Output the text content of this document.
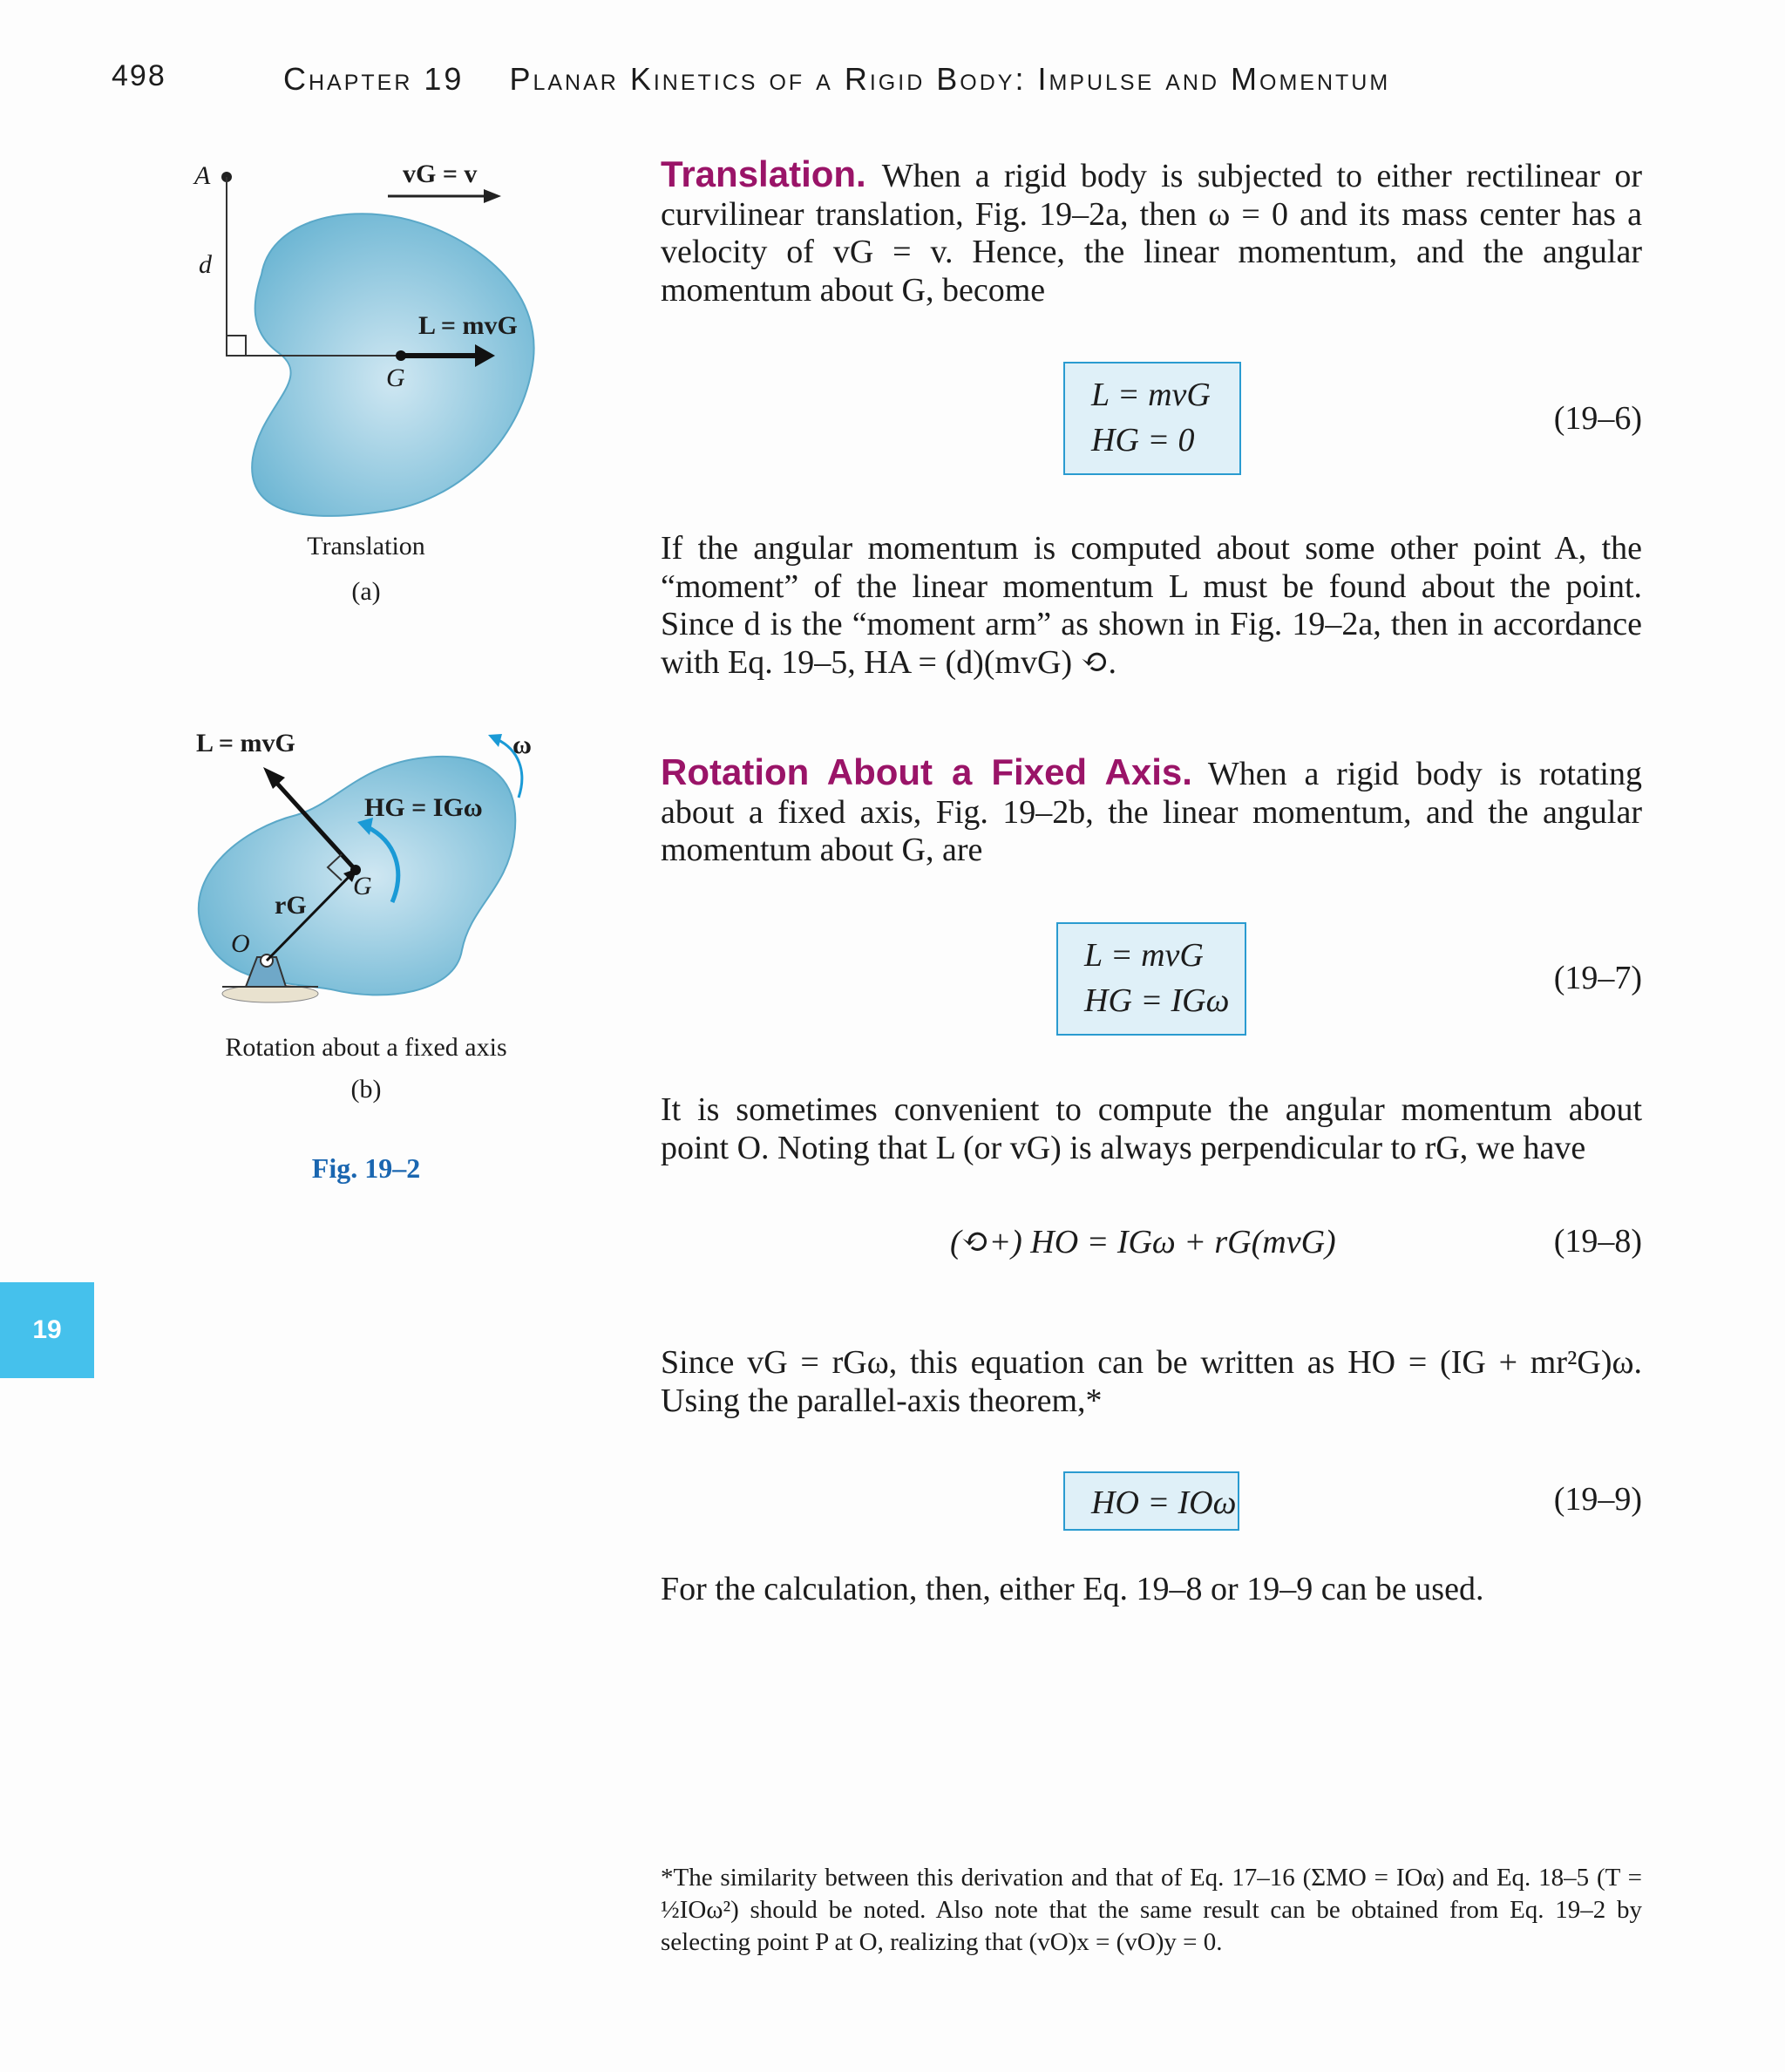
498	Chapter 19    Planar Kinetics of a Rigid Body: Impulse and Momentum
19
A
d
vG = v
L = mvG
G
Translation
(a)
L = mvG
HG = IGω
ω
G
rG
O
Rotation about a fixed axis
(b)
Fig. 19–2
Translation. When a rigid body is subjected to either rectilinear or curvilinear translation, Fig. 19–2a, then ω = 0 and its mass center has a velocity of vG = v. Hence, the linear momentum, and the angular momentum about G, become
L = mvG
HG = 0
(19–6)
If the angular momentum is computed about some other point A, the “moment” of the linear momentum L must be found about the point. Since d is the “moment arm” as shown in Fig. 19–2a, then in accordance with Eq. 19–5, HA = (d)(mvG) ⟲.
Rotation About a Fixed Axis. When a rigid body is rotating about a fixed axis, Fig. 19–2b, the linear momentum, and the angular momentum about G, are
L = mvG
HG = IGω
(19–7)
It is sometimes convenient to compute the angular momentum about point O. Noting that L (or vG) is always perpendicular to rG, we have
(⟲+) HO = IGω + rG(mvG)	(19–8)
Since vG = rGω, this equation can be written as HO = (IG + mr²G)ω. Using the parallel-axis theorem,*
HO = IOω	(19–9)
For the calculation, then, either Eq. 19–8 or 19–9 can be used.
*The similarity between this derivation and that of Eq. 17–16 (ΣMO = IOα) and Eq. 18–5 (T = ½IOω²) should be noted. Also note that the same result can be obtained from Eq. 19–2 by selecting point P at O, realizing that (vO)x = (vO)y = 0.
